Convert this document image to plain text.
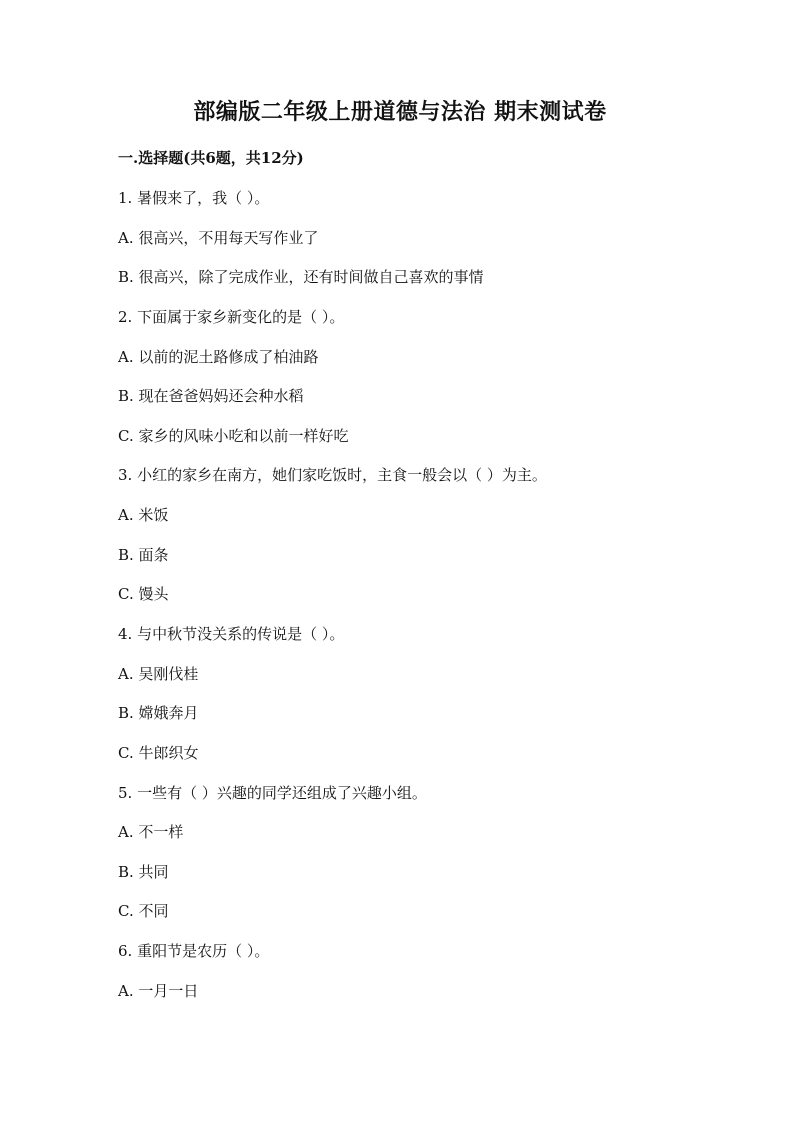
部编版二年级上册道德与法治 期末测试卷
一.选择题(共6题，共12分)
1. 暑假来了，我（ ）。
A. 很高兴，不用每天写作业了
B. 很高兴，除了完成作业，还有时间做自己喜欢的事情
2. 下面属于家乡新变化的是（ ）。
A. 以前的泥土路修成了柏油路
B. 现在爸爸妈妈还会种水稻
C. 家乡的风味小吃和以前一样好吃
3. 小红的家乡在南方，她们家吃饭时，主食一般会以（ ）为主。
A. 米饭
B. 面条
C. 馒头
4. 与中秋节没关系的传说是（ ）。
A. 吴刚伐桂
B. 嫦娥奔月
C. 牛郎织女
5. 一些有（ ）兴趣的同学还组成了兴趣小组。
A. 不一样
B. 共同
C. 不同
6. 重阳节是农历（ ）。
A. 一月一日
